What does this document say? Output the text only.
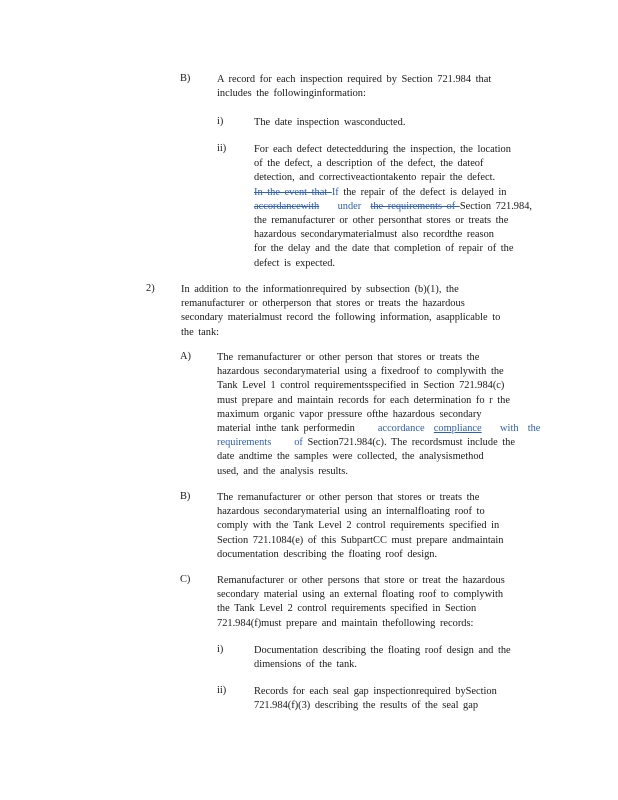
B)	A record for each inspection required by Section 721.984 that
includes the followinginformation:
i)	The date inspection wasconducted.
ii)	For each defect detectedduring the inspection, the location
of the defect, a description of the defect, the dateof
detection, and correctiveactiontakento repair the defect.
In the event that If the repair of the defect is delayed in
accordancewith    under the requirements of Section 721.984,
the remanufacturer or other personthat stores or treats the
hazardous secondarymaterialmust also recordthe reason
for the delay and the date that completion of repair of the
defect is expected.
2)	In addition to the informationrequired by subsection (b)(1), the
remanufacturer or otherperson that stores or treats the hazardous
secondary materialmust record the following information, asapplicable to
the tank:
A)	The remanufacturer or other person that stores or treats the
hazardous secondarymaterial using a fixedroof to complywith the
Tank Level 1 control requirementsspecified in Section 721.984(c)
must prepare and maintain records for each determination fo r the
maximum organic vapor pressure ofthe hazardous secondary
material inthe tank performedin     accordance  compliance    with  the
requirements     of Section721.984(c). The recordsmust include the
date andtime the samples were collected, the analysismethod
used, and the analysis results.
B)	The remanufacturer or other person that stores or treats the
hazardous secondarymaterial using an internalfloating roof to
comply with the Tank Level 2 control requirements specified in
Section 721.1084(e) of this SubpartCC must prepare andmaintain
documentation describing the floating roof design.
C)	Remanufacturer or other persons that store or treat the hazardous
secondary material using an external floating roof to complywith
the Tank Level 2 control requirements specified in Section
721.984(f)must prepare and maintain thefollowing records:
i)	Documentation describing the floating roof design and the
dimensions of the tank.
ii)	Records for each seal gap inspectionrequired bySection
721.984(f)(3) describing the results of the seal gap
